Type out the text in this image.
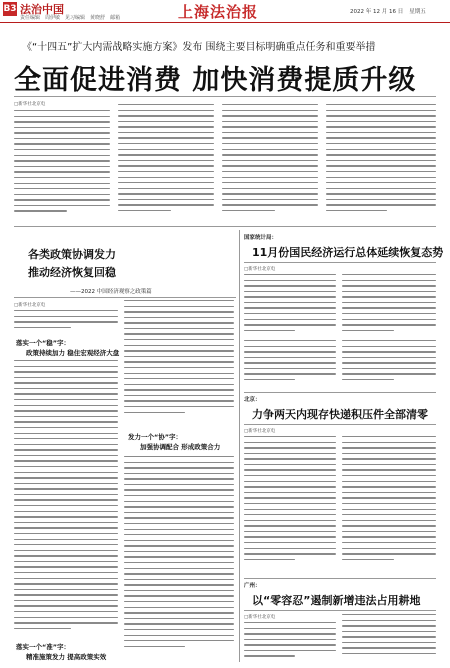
B3 法治中国
责任编辑 周伊敏 见习编辑 黄晓舒 邮箱	上海法治报	2022 年 12 月 16 日 星期五
《“十四五”扩大内需战略实施方案》发布 围绕主要目标明确重点任务和重要举措
全面促进消费 加快消费提质升级
□新华社北京电
各类政策协调发力
推动经济恢复回稳
——2022 中国经济观察之政策篇
□新华社北京电
落实一个“稳”字：
政策持续加力 稳住宏观经济大盘
落实一个“准”字：
精准施策发力 提高政策实效
发力一个“协”字：
加强协调配合 形成政策合力
国家统计局：
11月份国民经济运行总体延续恢复态势
□新华社北京电
北京：
力争两天内现存快递积压件全部清零
□新华社北京电
广州：
以“零容忍”遏制新增违法占用耕地
□新华社北京电
